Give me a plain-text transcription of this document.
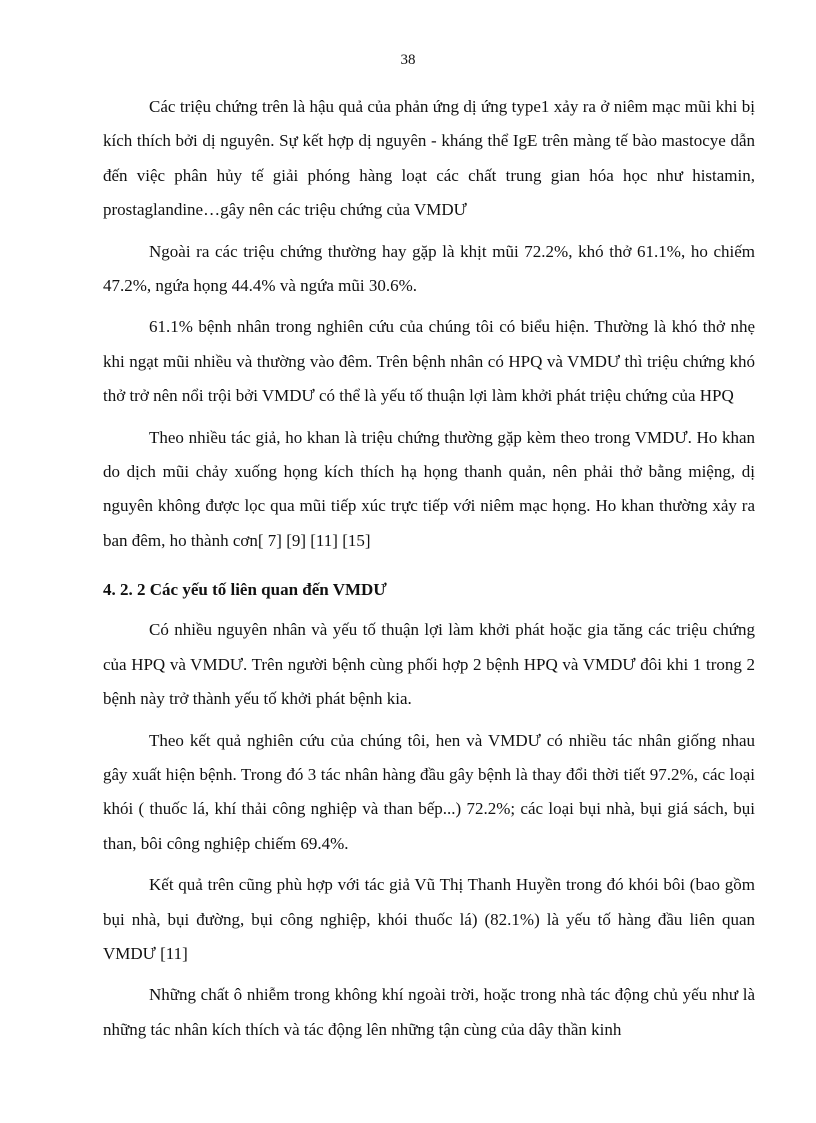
38

Các triệu chứng trên là hậu quả của phản ứng dị ứng type1 xảy ra ở niêm mạc mũi khi bị kích thích bởi dị nguyên. Sự kết hợp dị nguyên - kháng thể IgE trên màng tế bào mastocye dẫn đến việc phân hủy tế giải phóng hàng loạt các chất trung gian hóa học như histamin, prostaglandine…gây nên các triệu chứng của VMDƯ

Ngoài ra các triệu chứng thường hay gặp là khịt mũi 72.2%, khó thở 61.1%, ho chiếm 47.2%, ngứa họng 44.4% và ngứa mũi 30.6%.

61.1% bệnh nhân trong nghiên cứu của chúng tôi có biểu hiện. Thường là khó thở nhẹ khi ngạt mũi nhiều và thường vào đêm. Trên bệnh nhân có HPQ và VMDƯ thì triệu chứng khó thở trở nên nổi trội bởi VMDƯ có thể là yếu tố thuận lợi làm khởi phát triệu chứng của HPQ

Theo nhiều tác giả, ho khan là triệu chứng thường gặp kèm theo trong VMDƯ. Ho khan do dịch mũi chảy xuống họng kích thích hạ họng thanh quản, nên phải thở bằng miệng, dị nguyên không được lọc qua mũi tiếp xúc trực tiếp với niêm mạc họng. Ho khan thường xảy ra ban đêm, ho thành cơn[ 7] [9] [11] [15]

4. 2. 2 Các yếu tố liên quan đến VMDƯ

Có nhiều nguyên nhân và yếu tố thuận lợi làm khởi phát hoặc gia tăng các triệu chứng của HPQ và VMDƯ. Trên người bệnh cùng phối hợp 2 bệnh HPQ và VMDƯ đôi khi 1 trong 2 bệnh này trở thành yếu tố khởi phát bệnh kia.

Theo kết quả nghiên cứu của chúng tôi, hen và VMDƯ có nhiều tác nhân giống nhau gây xuất hiện bệnh. Trong đó 3 tác nhân hàng đầu gây bệnh là thay đổi thời tiết 97.2%, các loại khói ( thuốc lá, khí thải công nghiệp và than bếp...) 72.2%; các loại bụi nhà, bụi giá sách, bụi than, bôi công nghiệp chiếm 69.4%.

Kết quả trên cũng phù hợp với tác giả Vũ Thị Thanh Huyền trong đó khói bôi (bao gồm bụi nhà, bụi đường, bụi công nghiệp, khói thuốc lá) (82.1%) là yếu tố hàng đầu liên quan VMDƯ [11]

Những chất ô nhiễm trong không khí ngoài trời, hoặc trong nhà tác động chủ yếu như là những tác nhân kích thích và tác động lên những tận cùng của dây thần kinh
